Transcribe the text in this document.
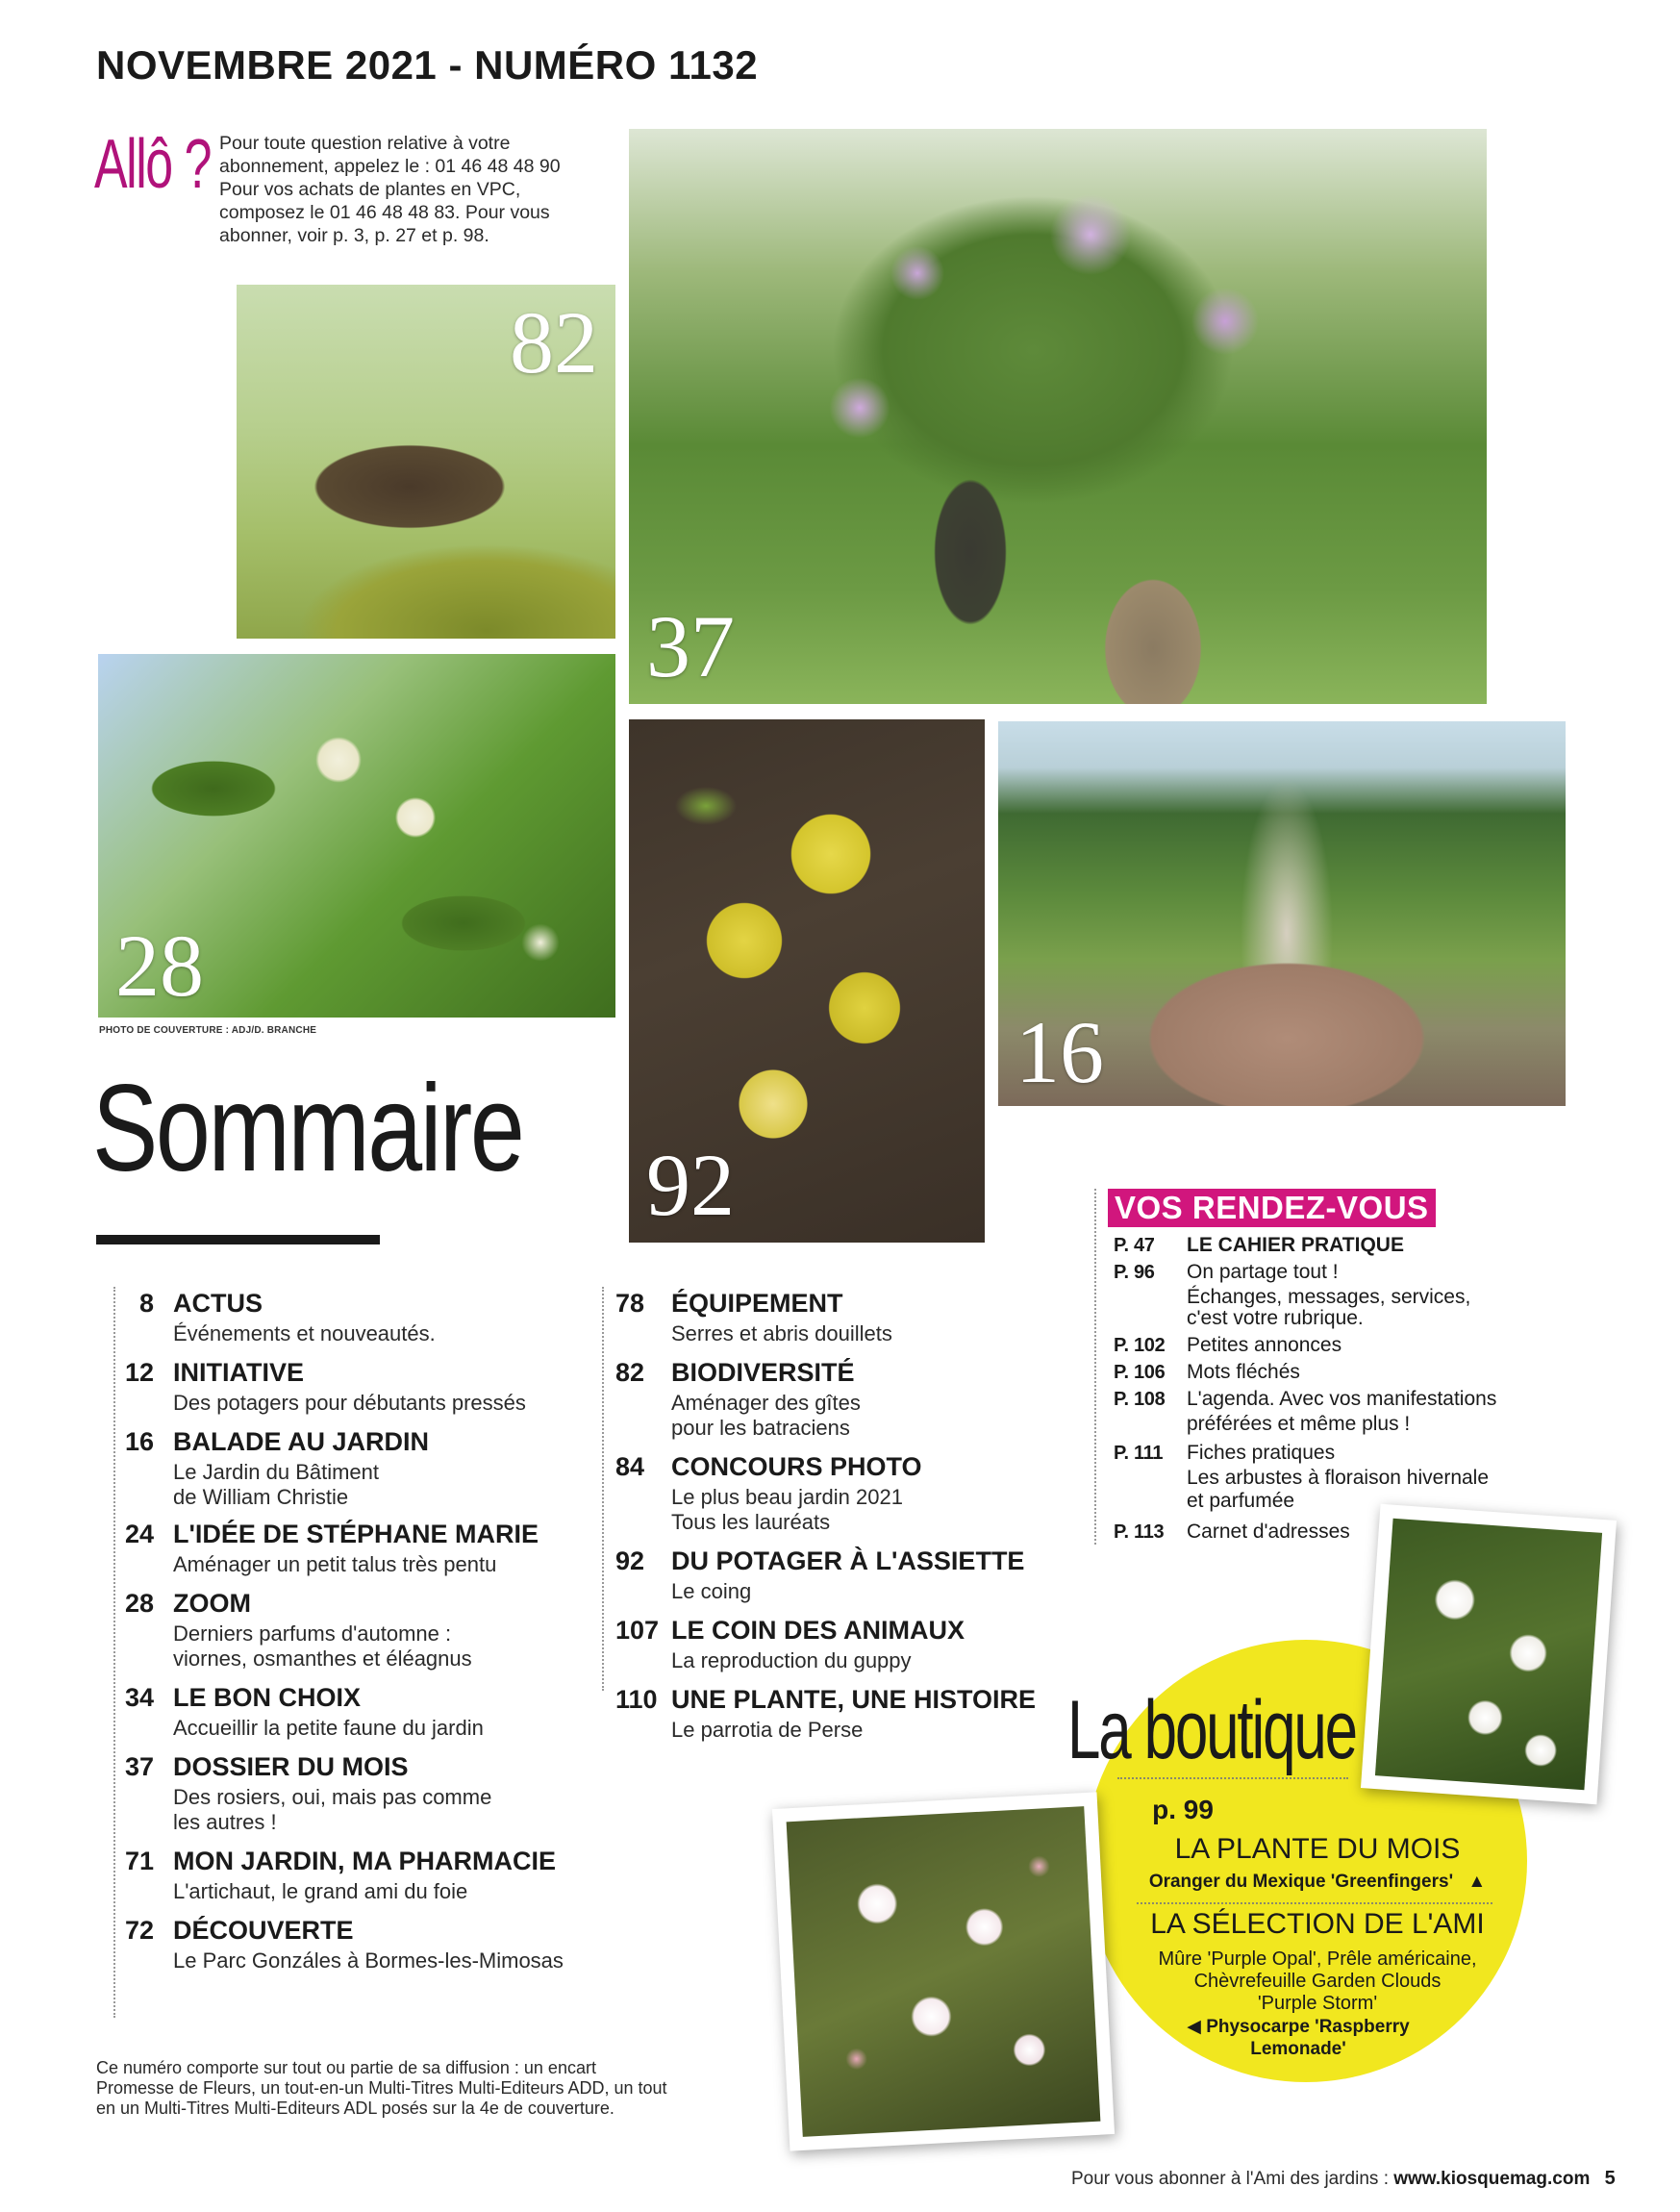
NOVEMBRE 2021 - NUMÉRO 1132
Allô ? Pour toute question relative à votre
abonnement, appelez le : 01 46 48 48 90
Pour vos achats de plantes en VPC,
composez le 01 46 48 48 83. Pour vous
abonner, voir p. 3, p. 27 et p. 98.
82
37
28
92
16
PHOTO DE COUVERTURE : ADJ/D. BRANCHE
Sommaire
8 ACTUS
Événements et nouveautés.
12 INITIATIVE
Des potagers pour débutants pressés
16 BALADE AU JARDIN
Le Jardin du Bâtiment
de William Christie
24 L'IDÉE DE STÉPHANE MARIE
Aménager un petit talus très pentu
28 ZOOM
Derniers parfums d'automne :
viornes, osmanthes et éléagnus
34 LE BON CHOIX
Accueillir la petite faune du jardin
37 DOSSIER DU MOIS
Des rosiers, oui, mais pas comme
les autres !
71 MON JARDIN, MA PHARMACIE
L'artichaut, le grand ami du foie
72 DÉCOUVERTE
Le Parc Gonzáles à Bormes-les-Mimosas
78	ÉQUIPEMENT
Serres et abris douillets
82	BIODIVERSITÉ
Aménager des gîtes
pour les batraciens
84	CONCOURS PHOTO
Le plus beau jardin 2021
Tous les lauréats
92	DU POTAGER À L'ASSIETTE
Le coing
107 LE COIN DES ANIMAUX
La reproduction du guppy
110 UNE PLANTE, UNE HISTOIRE
Le parrotia de Perse
VOS RENDEZ-VOUS
P. 47 LE CAHIER PRATIQUE
P. 96 On partage tout !
Échanges, messages, services,
c'est votre rubrique.
P. 102 Petites annonces
P. 106 Mots fléchés
P. 108 L'agenda. Avec vos manifestations
préférées et même plus !
P. 111 Fiches pratiques
Les arbustes à floraison hivernale
et parfumée
P. 113 Carnet d'adresses
La boutique
p. 99
LA PLANTE DU MOIS
Oranger du Mexique 'Greenfingers' ▲
LA SÉLECTION DE L'AMI
Mûre 'Purple Opal', Prêle américaine,
Chèvrefeuille Garden Clouds
'Purple Storm'
◀ Physocarpe 'Raspberry
Lemonade'
Ce numéro comporte sur tout ou partie de sa diffusion : un encart
Promesse de Fleurs, un tout-en-un Multi-Titres Multi-Editeurs ADD, un tout
en un Multi-Titres Multi-Editeurs ADL posés sur la 4e de couverture.
Pour vous abonner à l'Ami des jardins : www.kiosquemag.com 5
